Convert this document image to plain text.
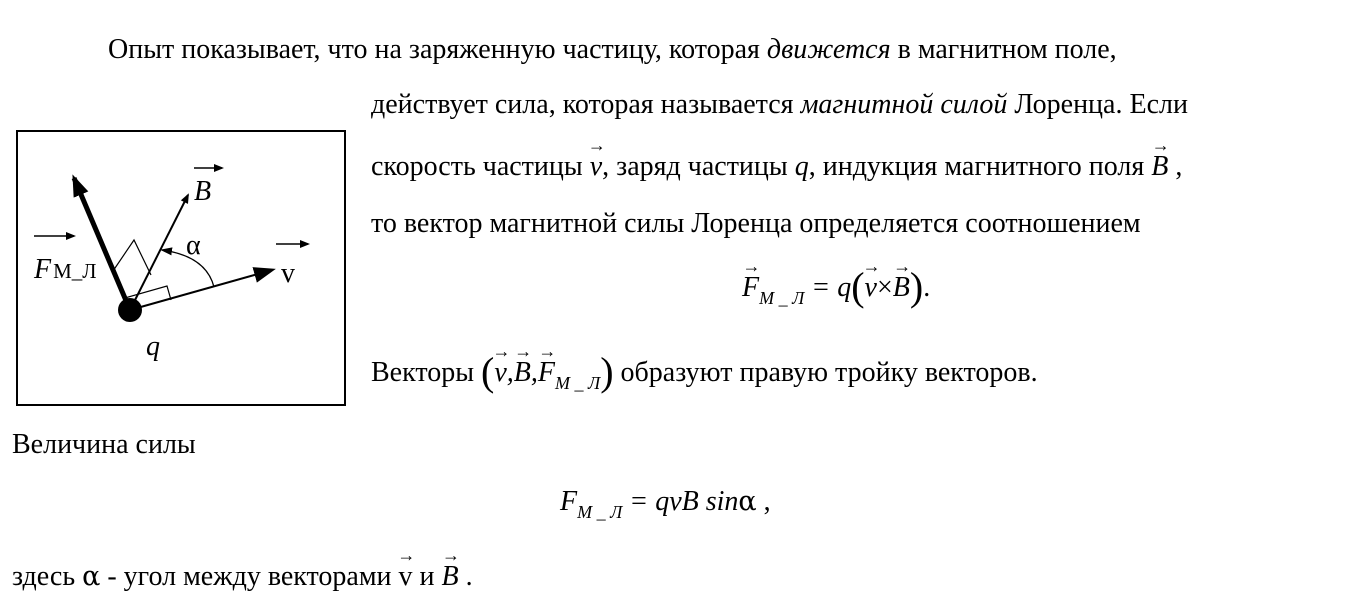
Опыт показывает, что на заряженную частицу, которая движется в магнитном поле,
действует сила, которая называется магнитной силой Лоренца. Если
скорость частицы
→
v, заряд частицы q, индукция магнитного поля
→
B ,
то вектор магнитной силы Лоренца определяется соотношением
→
$F_{М \_ Л} = q$(
→
v×
→
B).
Векторы (
→
v,
→
B,
→
$F_{М \_ Л}$) образуют правую тройку векторов.
Величина силы
$F_{М \_ Л}$ = qvB sinα ,
здесь α - угол между векторами
→
v и
→
B .
B
α
v
FМ_Л
q
